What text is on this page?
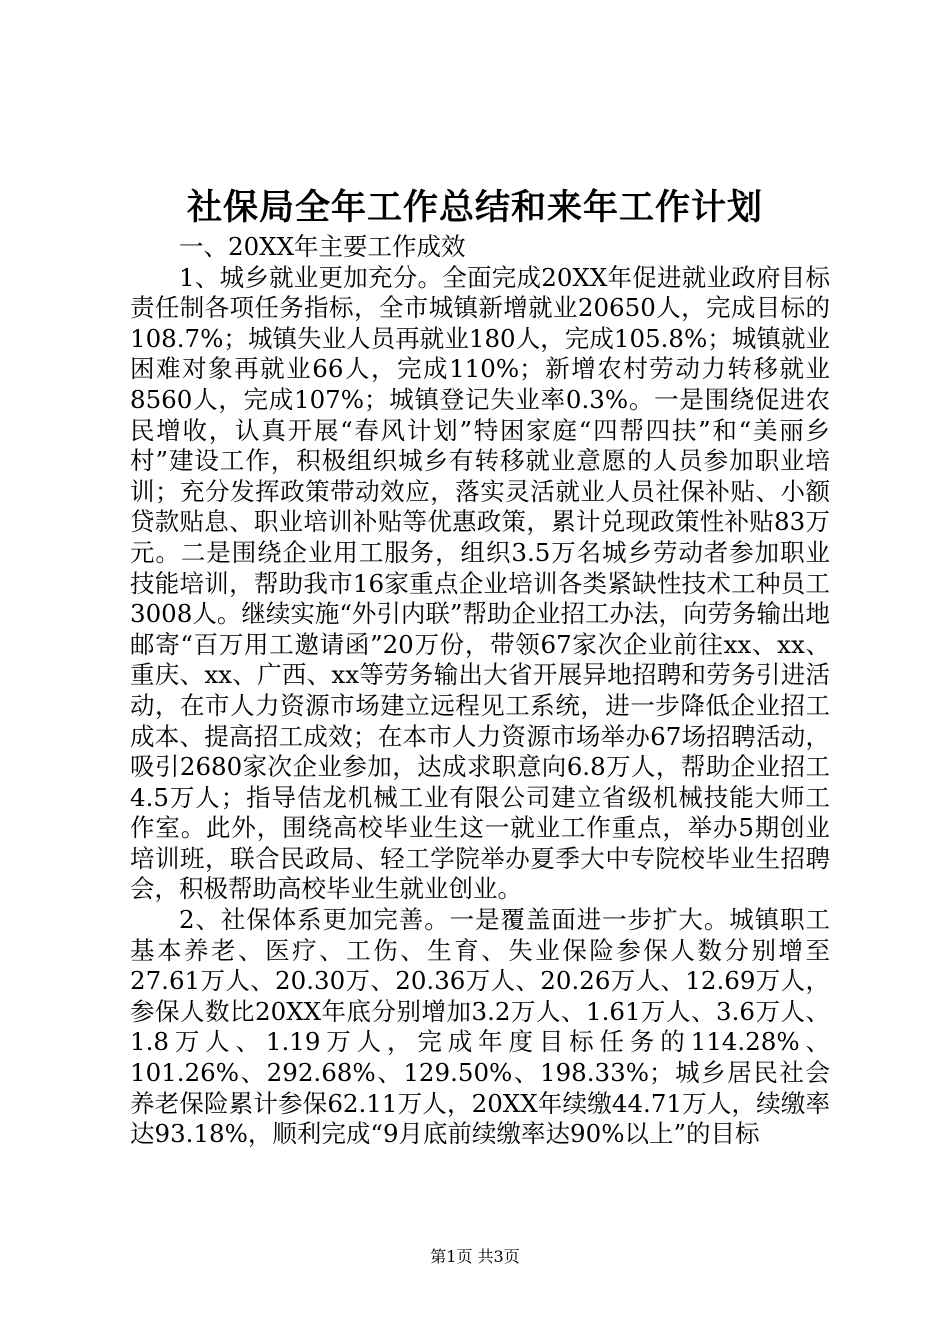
社保局全年工作总结和来年工作计划

一、20XX年主要工作成效

1、城乡就业更加充分。全面完成20XX年促进就业政府目标责任制各项任务指标，全市城镇新增就业20650人，完成目标的108.7%；城镇失业人员再就业180人，完成105.8%；城镇就业困难对象再就业66人，完成110%；新增农村劳动力转移就业8560人，完成107%；城镇登记失业率0.3%。一是围绕促进农民增收，认真开展“春风计划”特困家庭“四帮四扶”和“美丽乡村”建设工作，积极组织城乡有转移就业意愿的人员参加职业培训；充分发挥政策带动效应，落实灵活就业人员社保补贴、小额贷款贴息、职业培训补贴等优惠政策，累计兑现政策性补贴83万元。二是围绕企业用工服务，组织3.5万名城乡劳动者参加职业技能培训，帮助我市16家重点企业培训各类紧缺性技术工种员工3008人。继续实施“外引内联”帮助企业招工办法，向劳务输出地邮寄“百万用工邀请函”20万份，带领67家次企业前往xx、xx、重庆、xx、广西、xx等劳务输出大省开展异地招聘和劳务引进活动，在市人力资源市场建立远程见工系统，进一步降低企业招工成本、提高招工成效；在本市人力资源市场举办67场招聘活动，吸引2680家次企业参加，达成求职意向6.8万人，帮助企业招工4.5万人；指导佶龙机械工业有限公司建立省级机械技能大师工作室。此外，围绕高校毕业生这一就业工作重点，举办5期创业培训班，联合民政局、轻工学院举办夏季大中专院校毕业生招聘会，积极帮助高校毕业生就业创业。

2、社保体系更加完善。一是覆盖面进一步扩大。城镇职工基本养老、医疗、工伤、生育、失业保险参保人数分别增至27.61万人、20.30万、20.36万人、20.26万人、12.69万人，参保人数比20XX年底分别增加3.2万人、1.61万人、3.6万人、1.8万人、1.19万人，完成年度目标任务的114.28%、101.26%、292.68%、129.50%、198.33%；城乡居民社会养老保险累计参保62.11万人，20XX年续缴44.71万人，续缴率达93.18%，顺利完成“9月底前续缴率达90%以上”的目标

第1页 共3页
